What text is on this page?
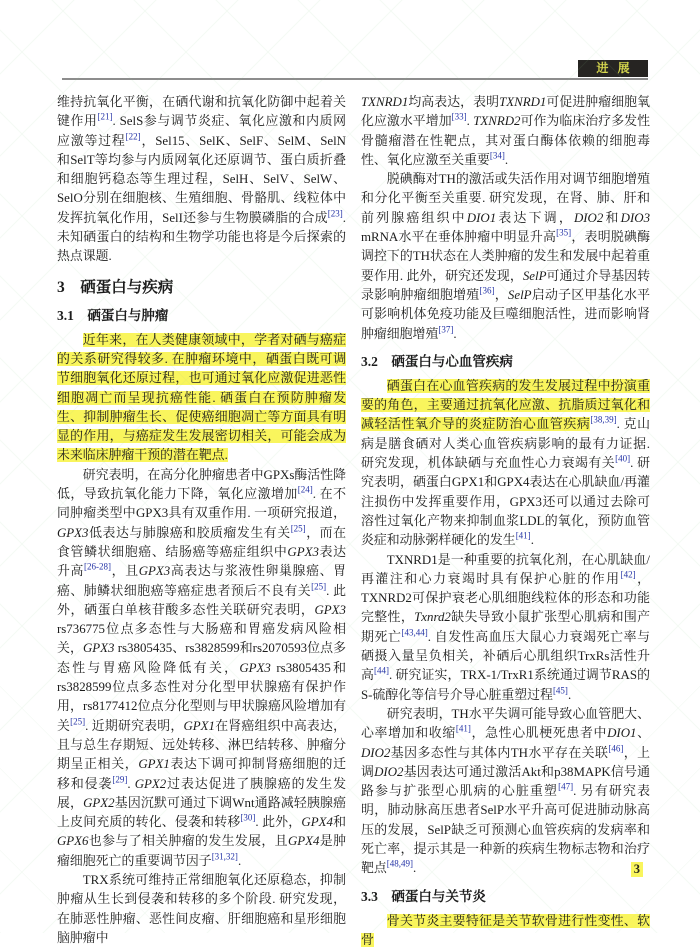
进 展
维持抗氧化平衡，在硒代谢和抗氧化防御中起着关键作用[21]. SelS参与调节炎症、氧化应激和内质网应激等过程[22]，Sel15、SelK、SelF、SelM、SelN和SelT等均参与内质网氧化还原调节、蛋白质折叠和细胞钙稳态等生理过程，SelH、SelV、SelW、SelO分别在细胞核、生殖细胞、骨骼肌、线粒体中发挥抗氧化作用，SelI还参与生物膜磷脂的合成[23]. 未知硒蛋白的结构和生物学功能也将是今后探索的热点课题.
3　硒蛋白与疾病
3.1　硒蛋白与肿瘤
近年来，在人类健康领域中，学者对硒与癌症的关系研究得较多. 在肿瘤环境中，硒蛋白既可调节细胞氧化还原过程，也可通过氧化应激促进恶性细胞凋亡而呈现抗癌性能. 硒蛋白在预防肿瘤发生、抑制肿瘤生长、促使癌细胞凋亡等方面具有明显的作用，与癌症发生发展密切相关，可能会成为未来临床肿瘤干预的潜在靶点.
研究表明，在高分化肿瘤患者中GPXs酶活性降低，导致抗氧化能力下降，氧化应激增加[24]. 在不同肿瘤类型中GPX3具有双重作用. 一项研究报道，GPX3低表达与肺腺癌和胶质瘤发生有关[25]，而在食管鳞状细胞癌、结肠癌等癌症组织中GPX3表达升高[26-28]，且GPX3高表达与浆液性卵巢腺癌、胃癌、肺鳞状细胞癌等癌症患者预后不良有关[25]. 此外，硒蛋白单核苷酸多态性关联研究表明，GPX3 rs736775位点多态性与大肠癌和胃癌发病风险相关，GPX3 rs3805435、rs3828599和rs2070593位点多态性与胃癌风险降低有关，GPX3 rs3805435和rs3828599位点多态性对分化型甲状腺癌有保护作用，rs8177412位点分化型则与甲状腺癌风险增加有关[25]. 近期研究表明，GPX1在肾癌组织中高表达，且与总生存期短、远处转移、淋巴结转移、肿瘤分期呈正相关，GPX1表达下调可抑制肾癌细胞的迁移和侵袭[29]. GPX2过表达促进了胰腺癌的发生发展，GPX2基因沉默可通过下调Wnt通路减轻胰腺癌上皮间充质的转化、侵袭和转移[30]. 此外，GPX4和GPX6也参与了相关肿瘤的发生发展，且GPX4是肿瘤细胞死亡的重要调节因子[31,32].
TRX系统可维持正常细胞氧化还原稳态，抑制肿瘤从生长到侵袭和转移的多个阶段. 研究发现，在肺恶性肿瘤、恶性间皮瘤、肝细胞癌和星形细胞脑肿瘤中
TXNRD1均高表达，表明TXNRD1可促进肿瘤细胞氧化应激水平增加[33]. TXNRD2可作为临床治疗多发性骨髓瘤潜在性靶点，其对蛋白酶体依赖的细胞毒性、氧化应激至关重要[34].
脱碘酶对TH的激活或失活作用对调节细胞增殖和分化平衡至关重要. 研究发现，在肾、肺、肝和前列腺癌组织中DIO1表达下调，DIO2和DIO3 mRNA水平在垂体肿瘤中明显升高[35]，表明脱碘酶调控下的TH状态在人类肿瘤的发生和发展中起着重要作用. 此外，研究还发现，SelP可通过介导基因转录影响肿瘤细胞增殖[36]，SelP启动子区甲基化水平可影响机体免疫功能及巨噬细胞活性，进而影响肾肿瘤细胞增殖[37].
3.2　硒蛋白与心血管疾病
硒蛋白在心血管疾病的发生发展过程中扮演重要的角色，主要通过抗氧化应激、抗脂质过氧化和减轻活性氧介导的炎症防治心血管疾病[38,39]. 克山病是膳食硒对人类心血管疾病影响的最有力证据. 研究发现，机体缺硒与充血性心力衰竭有关[40]. 研究表明，硒蛋白GPX1和GPX4表达在心肌缺血/再灌注损伤中发挥重要作用，GPX3还可以通过去除可溶性过氧化产物来抑制血浆LDL的氧化，预防血管炎症和动脉粥样硬化的发生[41].
TXNRD1是一种重要的抗氧化剂，在心肌缺血/再灌注和心力衰竭时具有保护心脏的作用[42]，TXNRD2可保护衰老心肌细胞线粒体的形态和功能完整性，Txnrd2缺失导致小鼠扩张型心肌病和围产期死亡[43,44]. 自发性高血压大鼠心力衰竭死亡率与硒摄入量呈负相关，补硒后心肌组织TrxRs活性升高[44]. 研究证实，TRX-1/TrxR1系统通过调节RAS的S-硫醇化等信号介导心脏重塑过程[45].
研究表明，TH水平失调可能导致心血管肥大、心率增加和收缩[41]，急性心肌梗死患者中DIO1、DIO2基因多态性与其体内TH水平存在关联[46]，上调DIO2基因表达可通过激活Akt和p38MAPK信号通路参与扩张型心肌病的心脏重塑[47]. 另有研究表明，肺动脉高压患者SelP水平升高可促进肺动脉高压的发展，SelP缺乏可预测心血管疾病的发病率和死亡率，提示其是一种新的疾病生物标志物和治疗靶点[48,49].
3.3　硒蛋白与关节炎
骨关节炎主要特征是关节软骨进行性变性、软骨
3
